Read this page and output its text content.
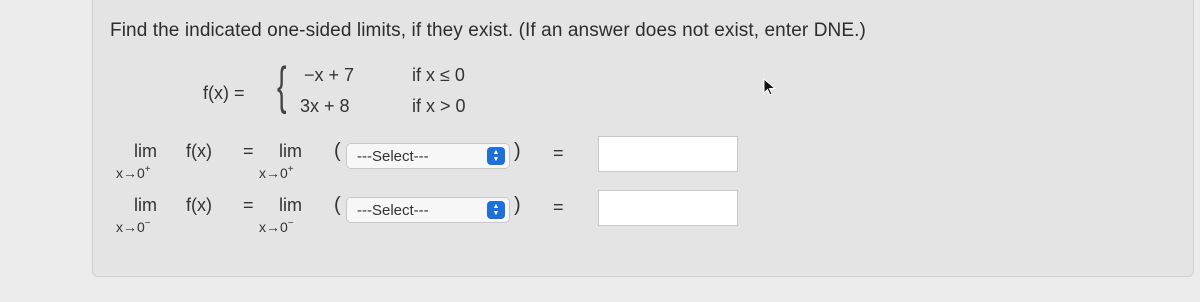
Find the indicated one-sided limits, if they exist. (If an answer does not exist, enter DNE.)
f(x) = { −x + 7	if x ≤ 0
3x + 8	if x > 0
lim f(x) =
x→0+
lim
x→0+
(	---Select---	▲
▼ ) =
lim f(x) =
x→0−
lim
x→0−
(	---Select---	▲
▼ ) =
